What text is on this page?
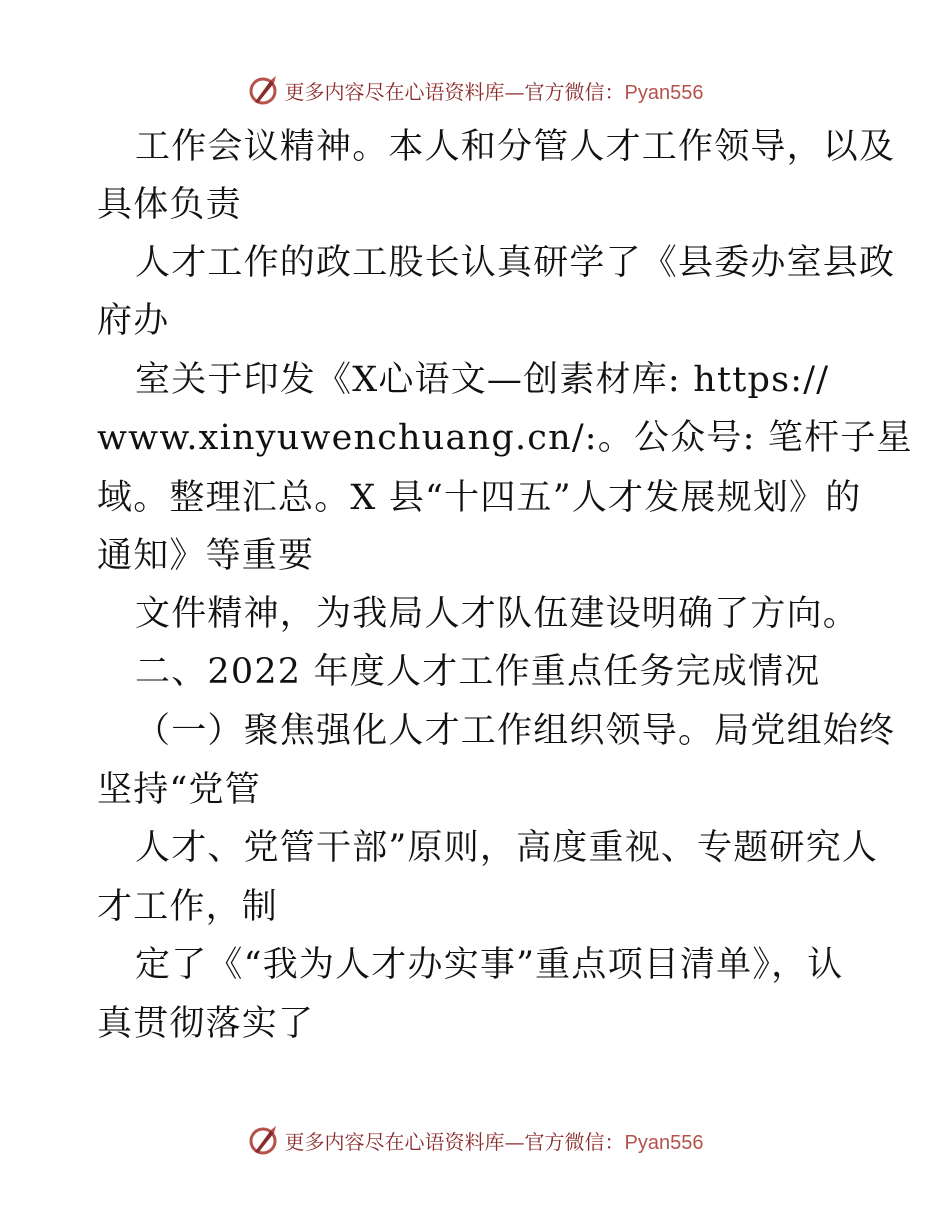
更多内容尽在心语资料库—官方微信：Pyan556
工作会议精神。本人和分管人才工作领导，以及
具体负责
人才工作的政工股长认真研学了《县委办室县政
府办
室关于印发《X心语文—创素材库: https://
www.xinyuwenchuang.cn/:。公众号: 笔杆子星
域。整理汇总。X 县“十四五”人才发展规划》的
通知》等重要
文件精神，为我局人才队伍建设明确了方向。
二、2022 年度人才工作重点任务完成情况
（一）聚焦强化人才工作组织领导。局党组始终
坚持“党管
人才、党管干部”原则，高度重视、专题研究人
才工作，制
定了《“我为人才办实事”重点项目清单》，认
真贯彻落实了
更多内容尽在心语资料库—官方微信：Pyan556
